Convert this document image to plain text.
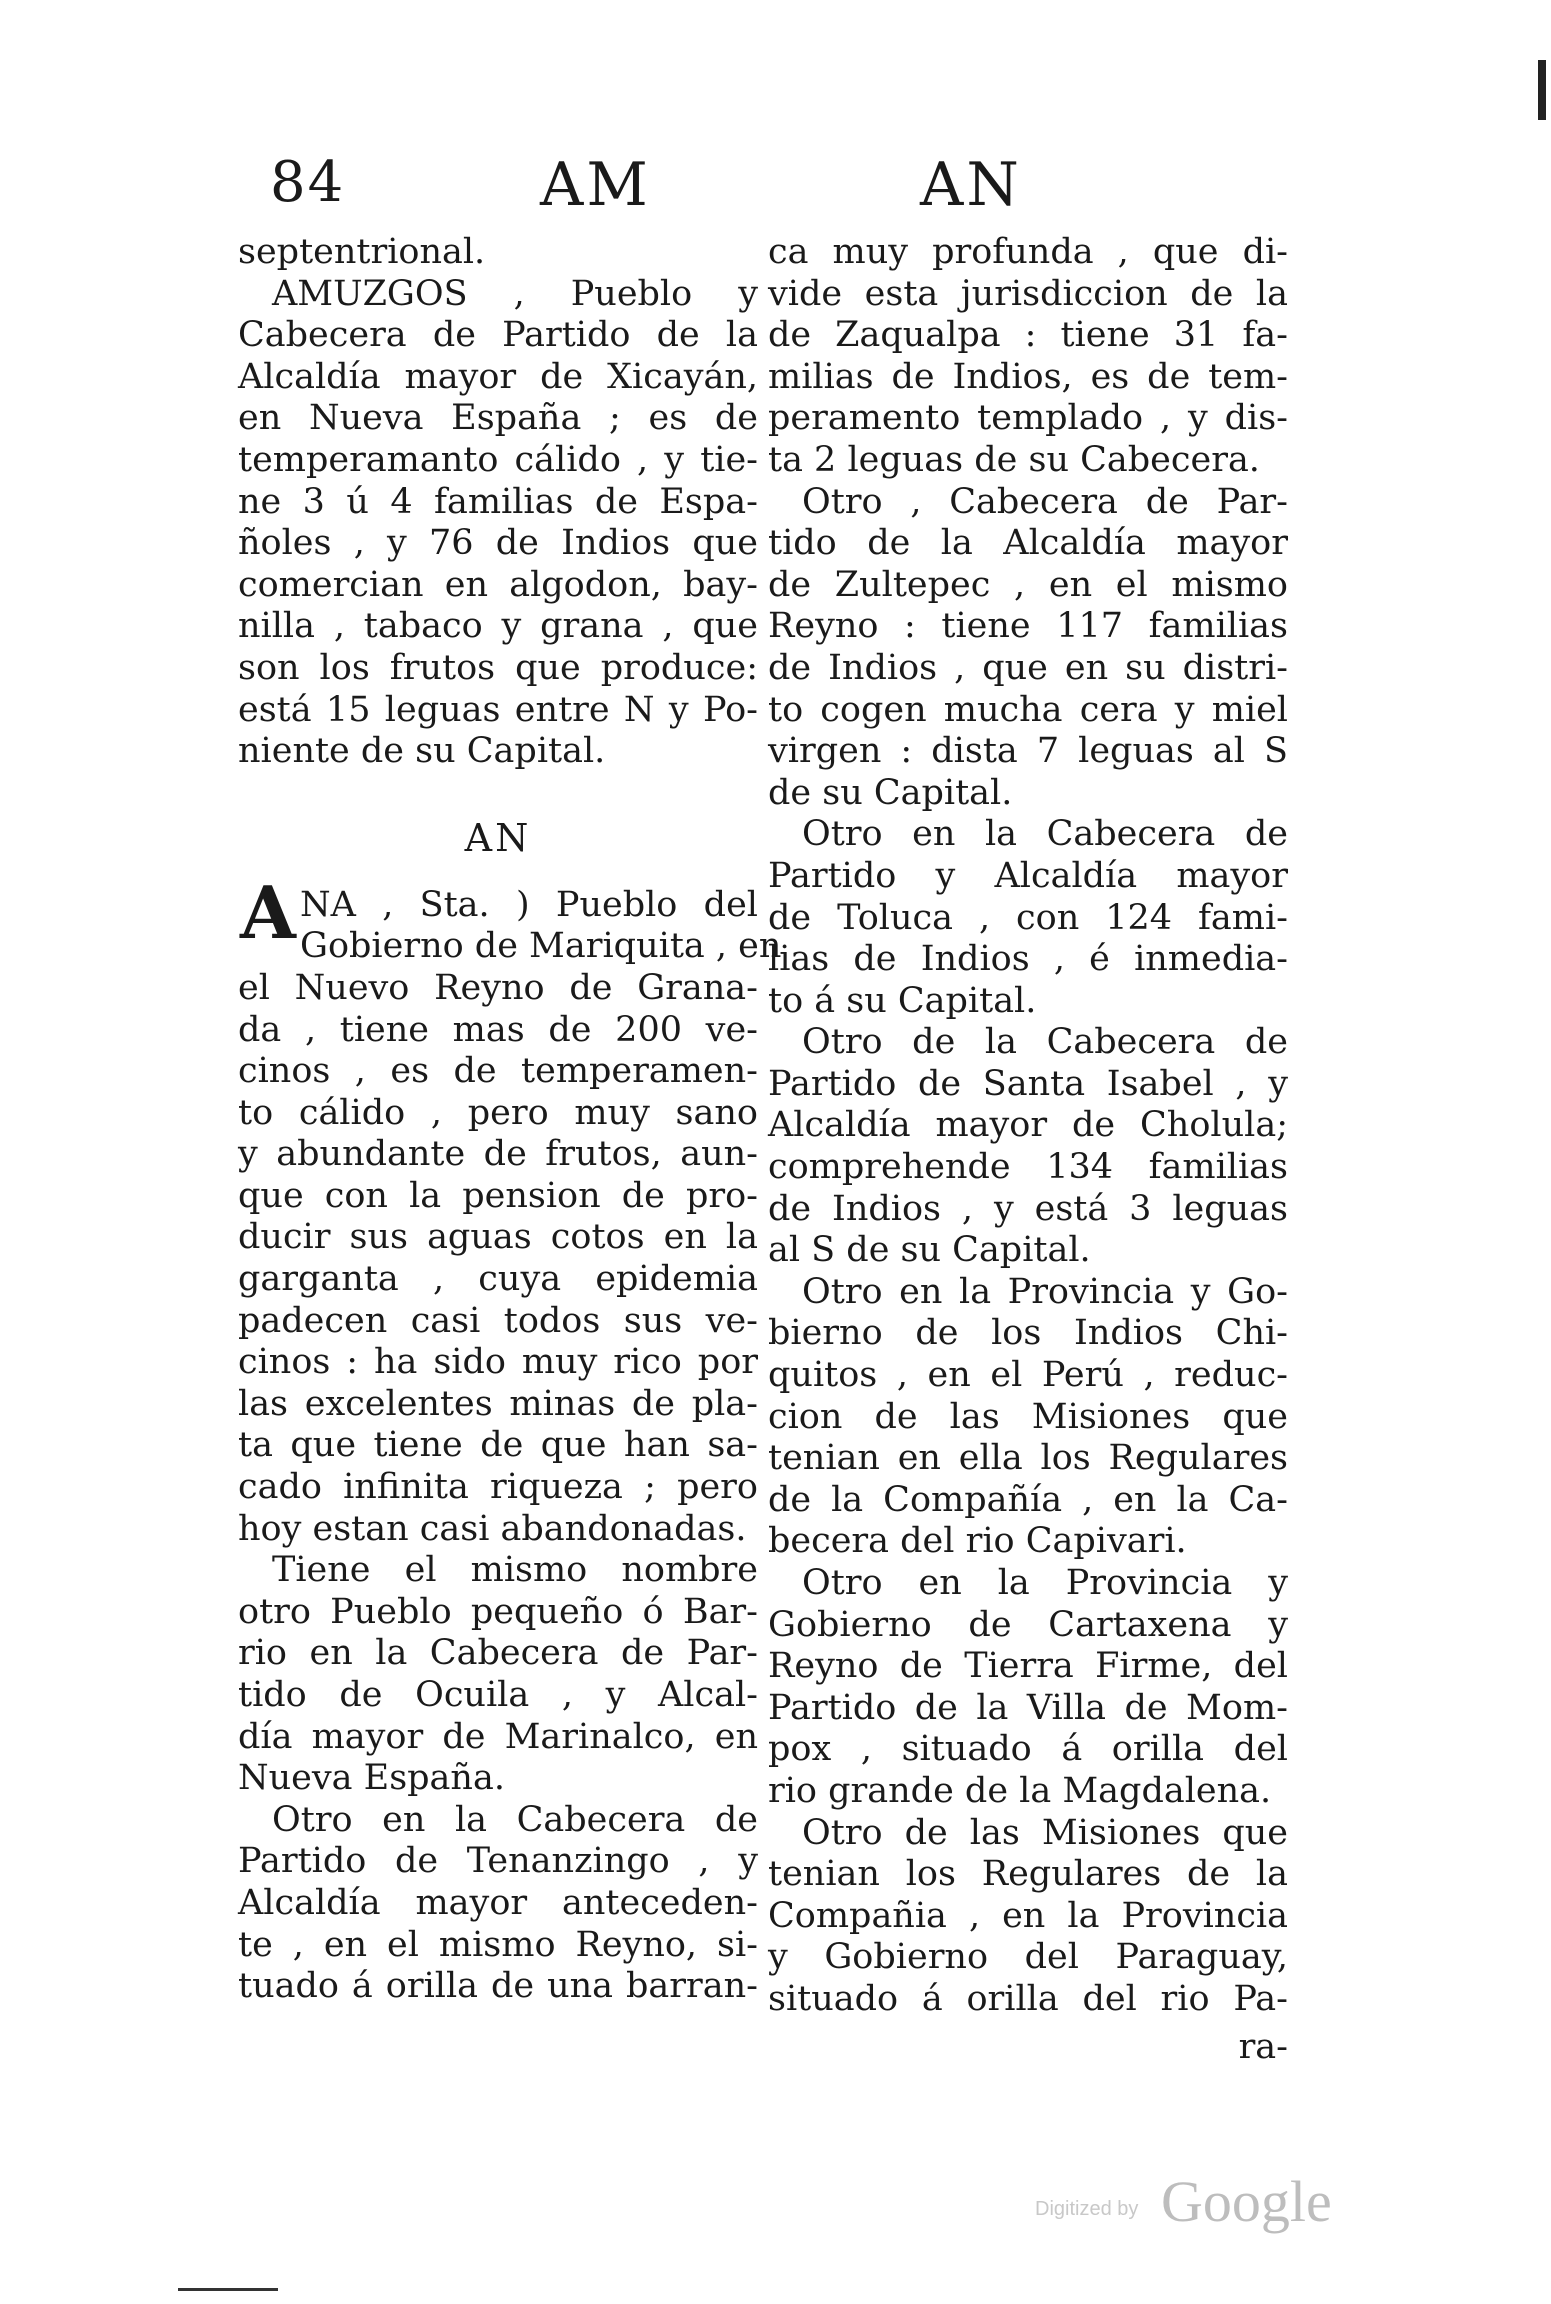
84	AM	AN

septentrional.
AMUZGOS , Pueblo y
Cabecera de Partido de la
Alcaldía mayor de Xicayán,
en Nueva España ; es de
temperamanto cálido , y tie-
ne 3 ú 4 familias de Espa-
ñoles , y 76 de Indios que
comercian en algodon, bay-
nilla , tabaco y grana , que
son los frutos que produce:
está 15 leguas entre N y Po-
niente de su Capital.

AN
A NA , Sta. ) Pueblo del
Gobierno de Mariquita , en
el Nuevo Reyno de Grana-
da , tiene mas de 200 ve-
cinos , es de temperamen-
to cálido , pero muy sano
y abundante de frutos, aun-
que con la pension de pro-
ducir sus aguas cotos en la
garganta , cuya epidemia
padecen casi todos sus ve-
cinos : ha sido muy rico por
las excelentes minas de pla-
ta que tiene de que han sa-
cado infinita riqueza ; pero
hoy estan casi abandonadas.

Tiene el mismo nombre
otro Pueblo pequeño ó Bar-
rio en la Cabecera de Par-
tido de Ocuila , y Alcal-
día mayor de Marinalco, en
Nueva España.

Otro en la Cabecera de
Partido de Tenanzingo , y
Alcaldía mayor anteceden-
te , en el mismo Reyno, si-
tuado á orilla de una barran-

ca muy profunda , que di-
vide esta jurisdiccion de la
de Zaqualpa : tiene 31 fa-
milias de Indios, es de tem-
peramento templado , y dis-
ta 2 leguas de su Cabecera.

Otro , Cabecera de Par-
tido de la Alcaldía mayor
de Zultepec , en el mismo
Reyno : tiene 117 familias
de Indios , que en su distri-
to cogen mucha cera y miel
virgen : dista 7 leguas al S
de su Capital.

Otro en la Cabecera de
Partido y Alcaldía mayor
de Toluca , con 124 fami-
lias de Indios , é inmedia-
to á su Capital.

Otro de la Cabecera de
Partido de Santa Isabel , y
Alcaldía mayor de Cholula;
comprehende 134 familias
de Indios , y está 3 leguas
al S de su Capital.

Otro en la Provincia y Go-
bierno de los Indios Chi-
quitos , en el Perú , reduc-
cion de las Misiones que
tenian en ella los Regulares
de la Compañía , en la Ca-
becera del rio Capivari.

Otro en la Provincia y
Gobierno de Cartaxena y
Reyno de Tierra Firme, del
Partido de la Villa de Mom-
pox , situado á orilla del
rio grande de la Magdalena.

Otro de las Misiones que
tenian los Regulares de la
Compañia , en la Provincia
y Gobierno del Paraguay,
situado á orilla del rio Pa-

ra-
Digitized by Google
